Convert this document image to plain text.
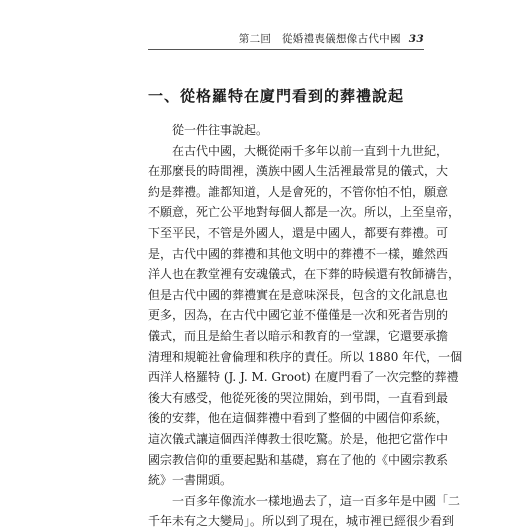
第二回　從婚禮喪儀想像古代中國 33
一、從格羅特在廈門看到的葬禮說起
從一件往事說起。
在古代中國，大概從兩千多年以前一直到十九世紀，
在那麼長的時間裡，漢族中國人生活裡最常見的儀式，大
約是葬禮。誰都知道，人是會死的，不管你怕不怕，願意
不願意，死亡公平地對每個人都是一次。所以，上至皇帝，
下至平民，不管是外國人，還是中國人，都要有葬禮。可
是，古代中國的葬禮和其他文明中的葬禮不一樣，雖然西
洋人也在教堂裡有安魂儀式，在下葬的時候還有牧師禱告，
但是古代中國的葬禮實在是意味深長，包含的文化訊息也
更多，因為，在古代中國它並不僅僅是一次和死者告別的
儀式，而且是給生者以暗示和教育的一堂課，它還要承擔
清理和規範社會倫理和秩序的責任。所以 1880 年代，一個
西洋人格羅特 (J. J. M. Groot) 在廈門看了一次完整的葬禮
後大有感受，他從死後的哭泣開始，到弔問，一直看到最
後的安葬，他在這個葬禮中看到了整個的中國信仰系統，
這次儀式讓這個西洋傳教士很吃驚。於是，他把它當作中
國宗教信仰的重要起點和基礎，寫在了他的《中國宗教系
統》一書開頭。
一百多年像流水一樣地過去了，這一百多年是中國「二
千年未有之大變局」。所以到了現在，城市裡已經很少看到
